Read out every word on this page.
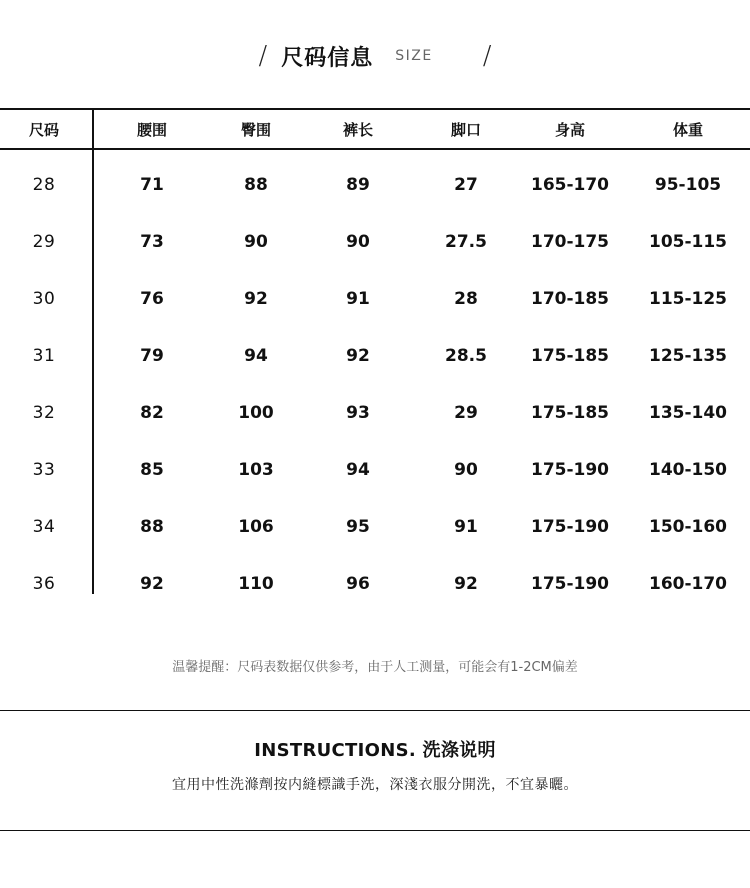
/ 尺码信息 SIZE /
尺码	腰围	臀围	裤长	脚口	身高	体重
28	71	88	89	27	165-170	95-105
29	73	90	90	27.5	170-175 105-115
30	76	92	91	28	170-185 115-125
31	79	94	92	28.5	175-185 125-135
32	82	100	93	29	175-185 135-140
33	85	103	94	90	175-190 140-150
34	88	106	95	91	175-190 150-160
36	92	110	96	92	175-190 160-170
温馨提醒：尺码表数据仅供参考，由于人工测量，可能会有1-2CM偏差
INSTRUCTIONS. 洗涤说明
宜用中性洗滌劑按内縫標識手洗，深淺衣服分開洗，不宜暴曬。
